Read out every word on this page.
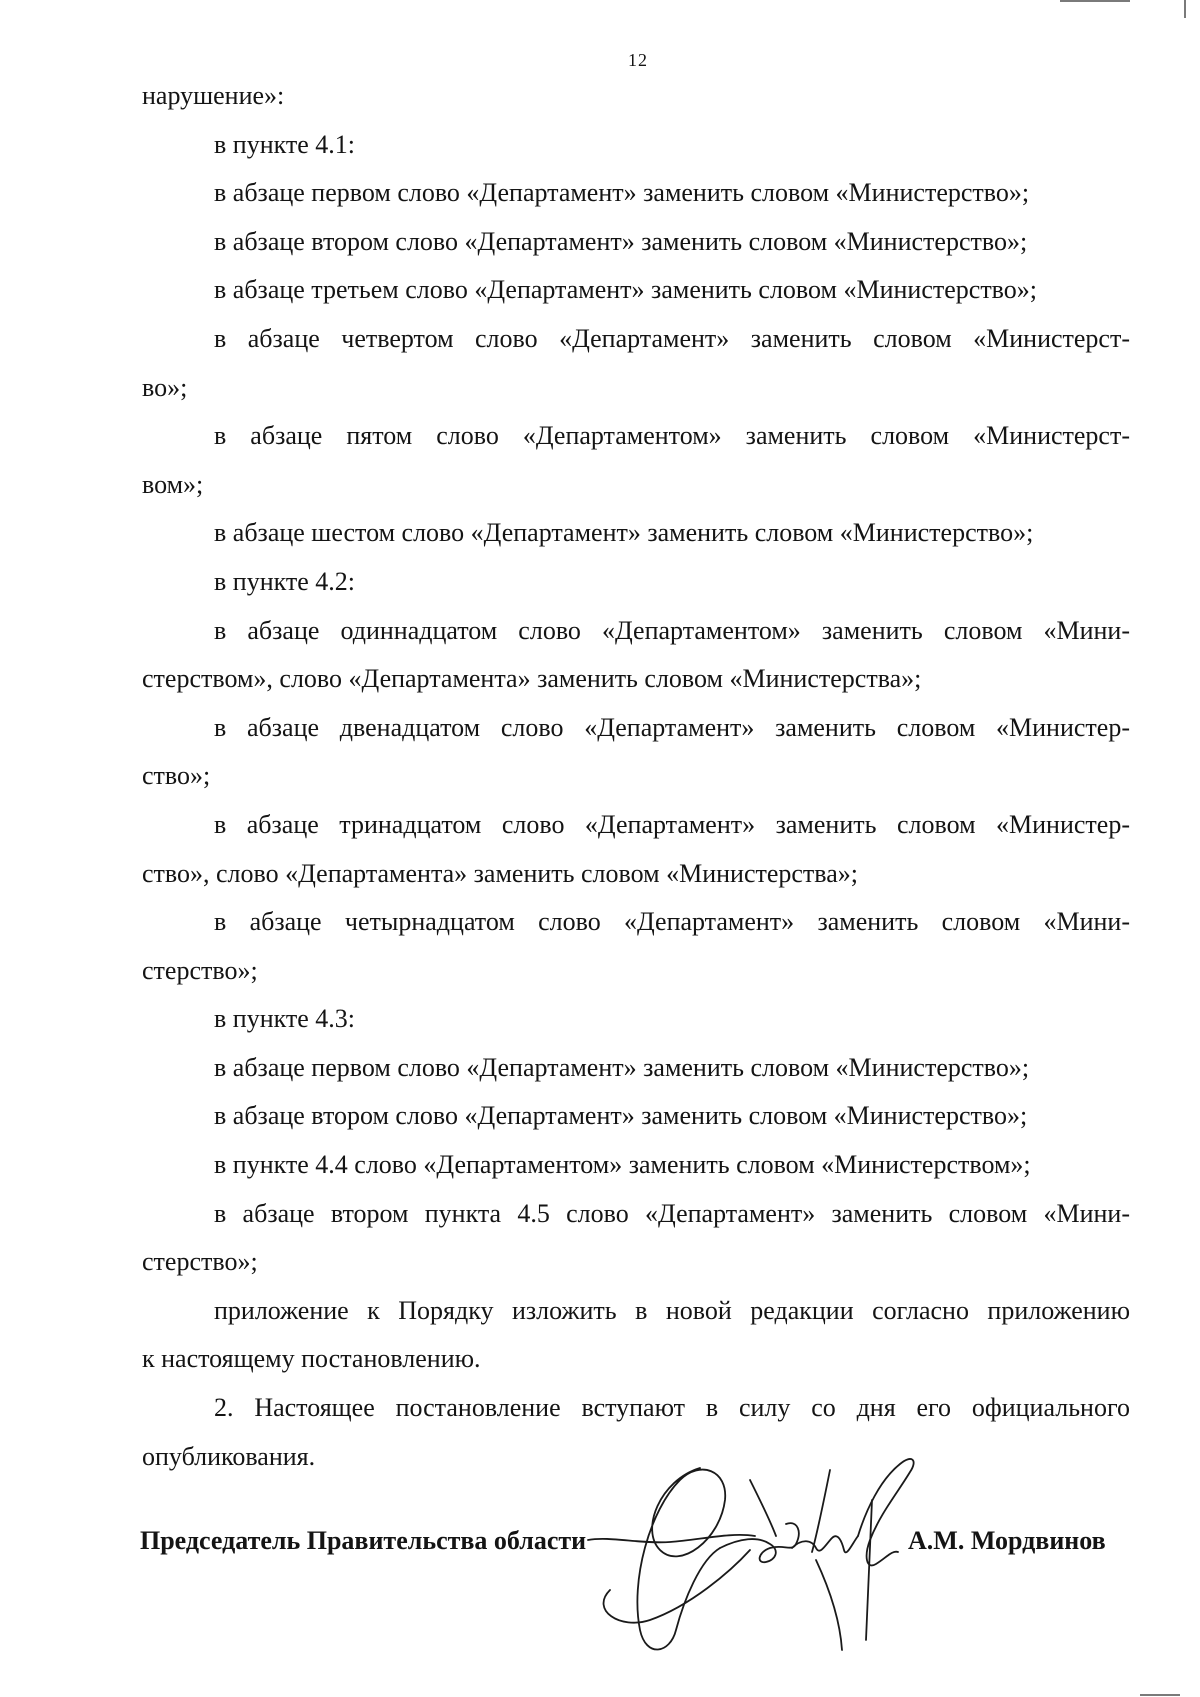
12

нарушение»:

в пункте 4.1:

в абзаце первом слово «Департамент» заменить словом «Министерство»;

в абзаце втором слово «Департамент» заменить словом «Министерство»;

в абзаце третьем слово «Департамент» заменить словом «Министерство»;

в абзаце четвертом слово «Департамент» заменить словом «Министерст-

во»;

в абзаце пятом слово «Департаментом» заменить словом «Министерст-

вом»;

в абзаце шестом слово «Департамент» заменить словом «Министерство»;

в пункте 4.2:

в абзаце одиннадцатом слово «Департаментом» заменить словом «Мини-

стерством», слово «Департамента» заменить словом «Министерства»;

в абзаце двенадцатом слово «Департамент» заменить словом «Министер-

ство»;

в абзаце тринадцатом слово «Департамент» заменить словом «Министер-

ство», слово «Департамента» заменить словом «Министерства»;

в абзаце четырнадцатом слово «Департамент» заменить словом «Мини-

стерство»;

в пункте 4.3:

в абзаце первом слово «Департамент» заменить словом «Министерство»;

в абзаце втором слово «Департамент» заменить словом «Министерство»;

в пункте 4.4 слово «Департаментом» заменить словом «Министерством»;

в абзаце втором пункта 4.5 слово «Департамент» заменить словом «Мини-

стерство»;

приложение к Порядку изложить в новой редакции согласно приложению

к настоящему постановлению.

2. Настоящее постановление вступают в силу со дня его официального

опубликования.

Председатель Правительства области	А.М. Мордвинов
